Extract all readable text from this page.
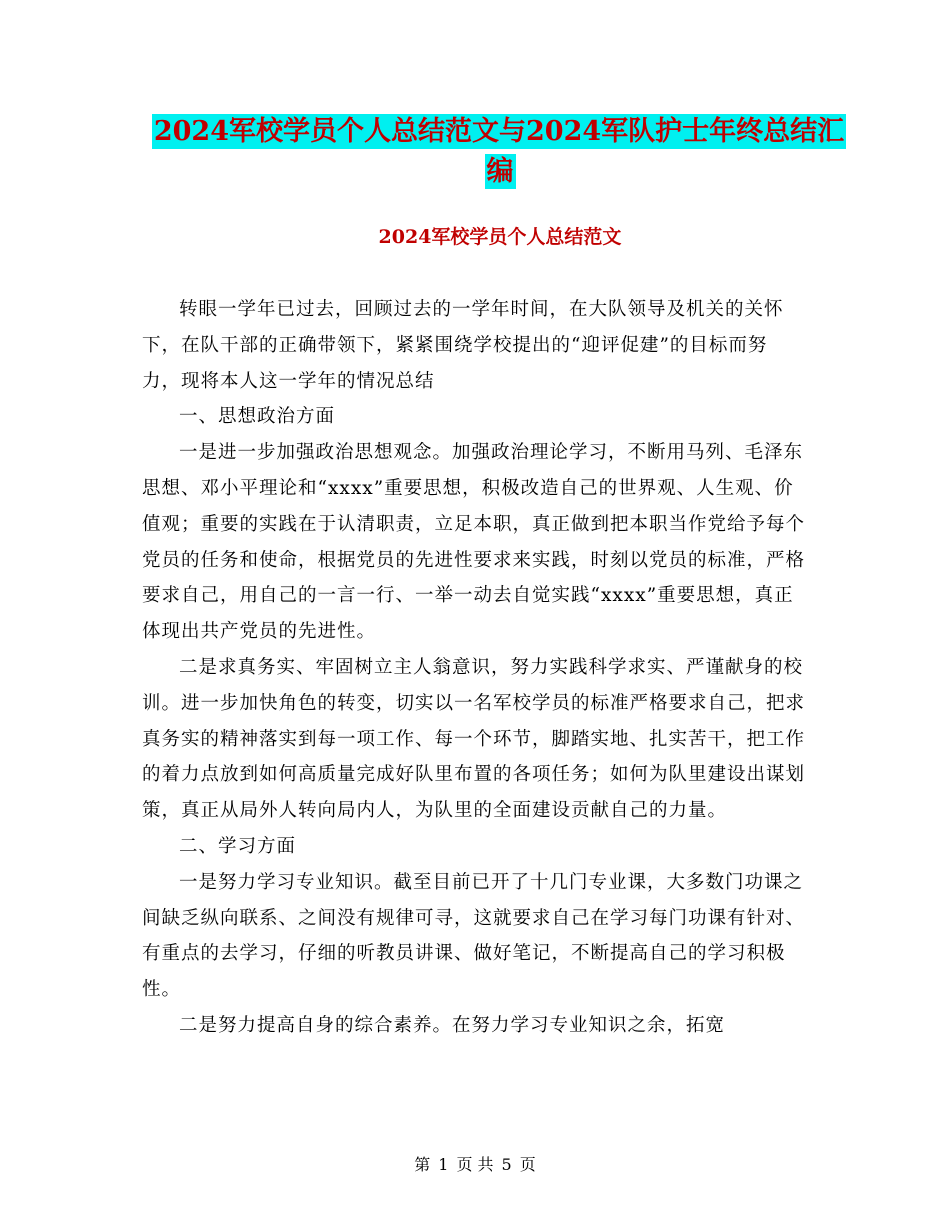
2024军校学员个人总结范文与2024军队护士年终总结汇编
2024军校学员个人总结范文

转眼一学年已过去，回顾过去的一学年时间，在大队领导及机关的关怀下，在队干部的正确带领下，紧紧围绕学校提出的“迎评促建”的目标而努力，现将本人这一学年的情况总结

一、思想政治方面

一是进一步加强政治思想观念。加强政治理论学习，不断用马列、毛泽东思想、邓小平理论和“xxxx”重要思想，积极改造自己的世界观、人生观、价值观；重要的实践在于认清职责，立足本职，真正做到把本职当作党给予每个党员的任务和使命，根据党员的先进性要求来实践，时刻以党员的标准，严格要求自己，用自己的一言一行、一举一动去自觉实践“xxxx”重要思想，真正体现出共产党员的先进性。

二是求真务实、牢固树立主人翁意识，努力实践科学求实、严谨献身的校训。进一步加快角色的转变，切实以一名军校学员的标准严格要求自己，把求真务实的精神落实到每一项工作、每一个环节，脚踏实地、扎实苦干，把工作的着力点放到如何高质量完成好队里布置的各项任务；如何为队里建设出谋划策，真正从局外人转向局内人，为队里的全面建设贡献自己的力量。

二、学习方面

一是努力学习专业知识。截至目前已开了十几门专业课，大多数门功课之间缺乏纵向联系、之间没有规律可寻，这就要求自己在学习每门功课有针对、有重点的去学习，仔细的听教员讲课、做好笔记，不断提高自己的学习积极性。

二是努力提高自身的综合素养。在努力学习专业知识之余，拓宽

第 1 页 共 5 页
